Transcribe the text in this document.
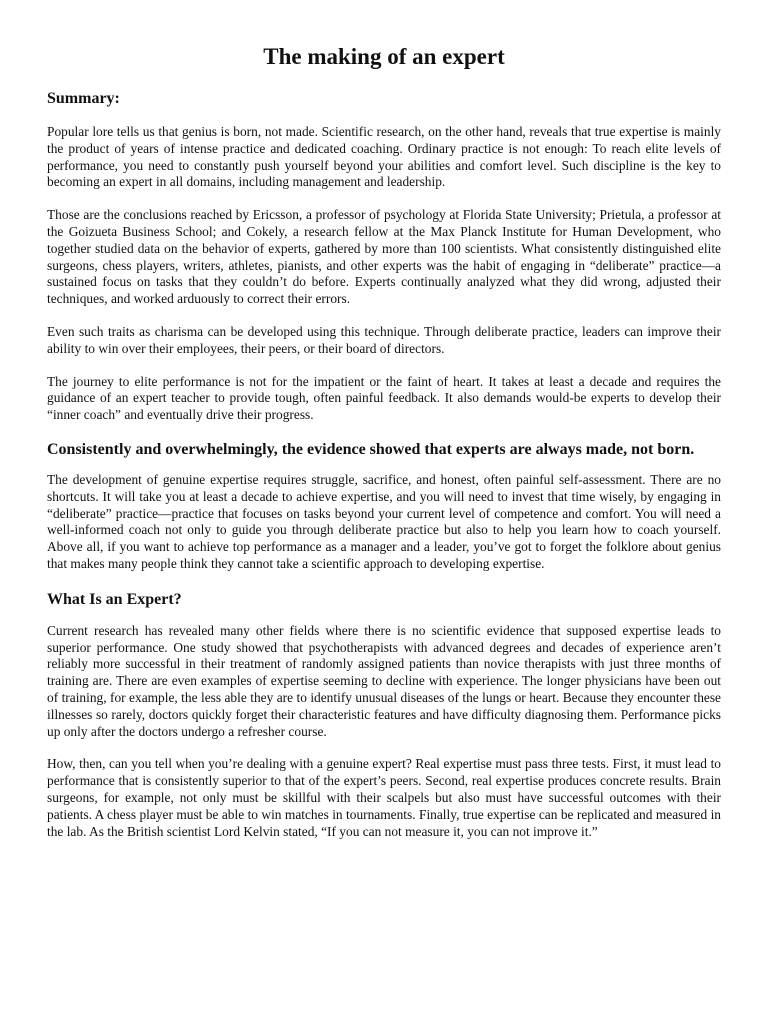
The making of an expert
Summary:

Popular lore tells us that genius is born, not made. Scientific research, on the other hand, reveals that true expertise is mainly the product of years of intense practice and dedicated coaching. Ordinary practice is not enough: To reach elite levels of performance, you need to constantly push yourself beyond your abilities and comfort level. Such discipline is the key to becoming an expert in all domains, including management and leadership.

Those are the conclusions reached by Ericsson, a professor of psychology at Florida State University; Prietula, a professor at the Goizueta Business School; and Cokely, a research fellow at the Max Planck Institute for Human Development, who together studied data on the behavior of experts, gathered by more than 100 scientists. What consistently distinguished elite surgeons, chess players, writers, athletes, pianists, and other experts was the habit of engaging in “deliberate” practice—a sustained focus on tasks that they couldn’t do before. Experts continually analyzed what they did wrong, adjusted their techniques, and worked arduously to correct their errors.

Even such traits as charisma can be developed using this technique. Through deliberate practice, leaders can improve their ability to win over their employees, their peers, or their board of directors.

The journey to elite performance is not for the impatient or the faint of heart. It takes at least a decade and requires the guidance of an expert teacher to provide tough, often painful feedback. It also demands would-be experts to develop their “inner coach” and eventually drive their progress.

Consistently and overwhelmingly, the evidence showed that experts are always made, not born.

The development of genuine expertise requires struggle, sacrifice, and honest, often painful self-assessment. There are no shortcuts. It will take you at least a decade to achieve expertise, and you will need to invest that time wisely, by engaging in “deliberate” practice—practice that focuses on tasks beyond your current level of competence and comfort. You will need a well-informed coach not only to guide you through deliberate practice but also to help you learn how to coach yourself. Above all, if you want to achieve top performance as a manager and a leader, you’ve got to forget the folklore about genius that makes many people think they cannot take a scientific approach to developing expertise.

What Is an Expert?

Current research has revealed many other fields where there is no scientific evidence that supposed expertise leads to superior performance. One study showed that psychotherapists with advanced degrees and decades of experience aren’t reliably more successful in their treatment of randomly assigned patients than novice therapists with just three months of training are. There are even examples of expertise seeming to decline with experience. The longer physicians have been out of training, for example, the less able they are to identify unusual diseases of the lungs or heart. Because they encounter these illnesses so rarely, doctors quickly forget their characteristic features and have difficulty diagnosing them. Performance picks up only after the doctors undergo a refresher course.

How, then, can you tell when you’re dealing with a genuine expert? Real expertise must pass three tests. First, it must lead to performance that is consistently superior to that of the expert’s peers. Second, real expertise produces concrete results. Brain surgeons, for example, not only must be skillful with their scalpels but also must have successful outcomes with their patients. A chess player must be able to win matches in tournaments. Finally, true expertise can be replicated and measured in the lab. As the British scientist Lord Kelvin stated, “If you can not measure it, you can not improve it.”
